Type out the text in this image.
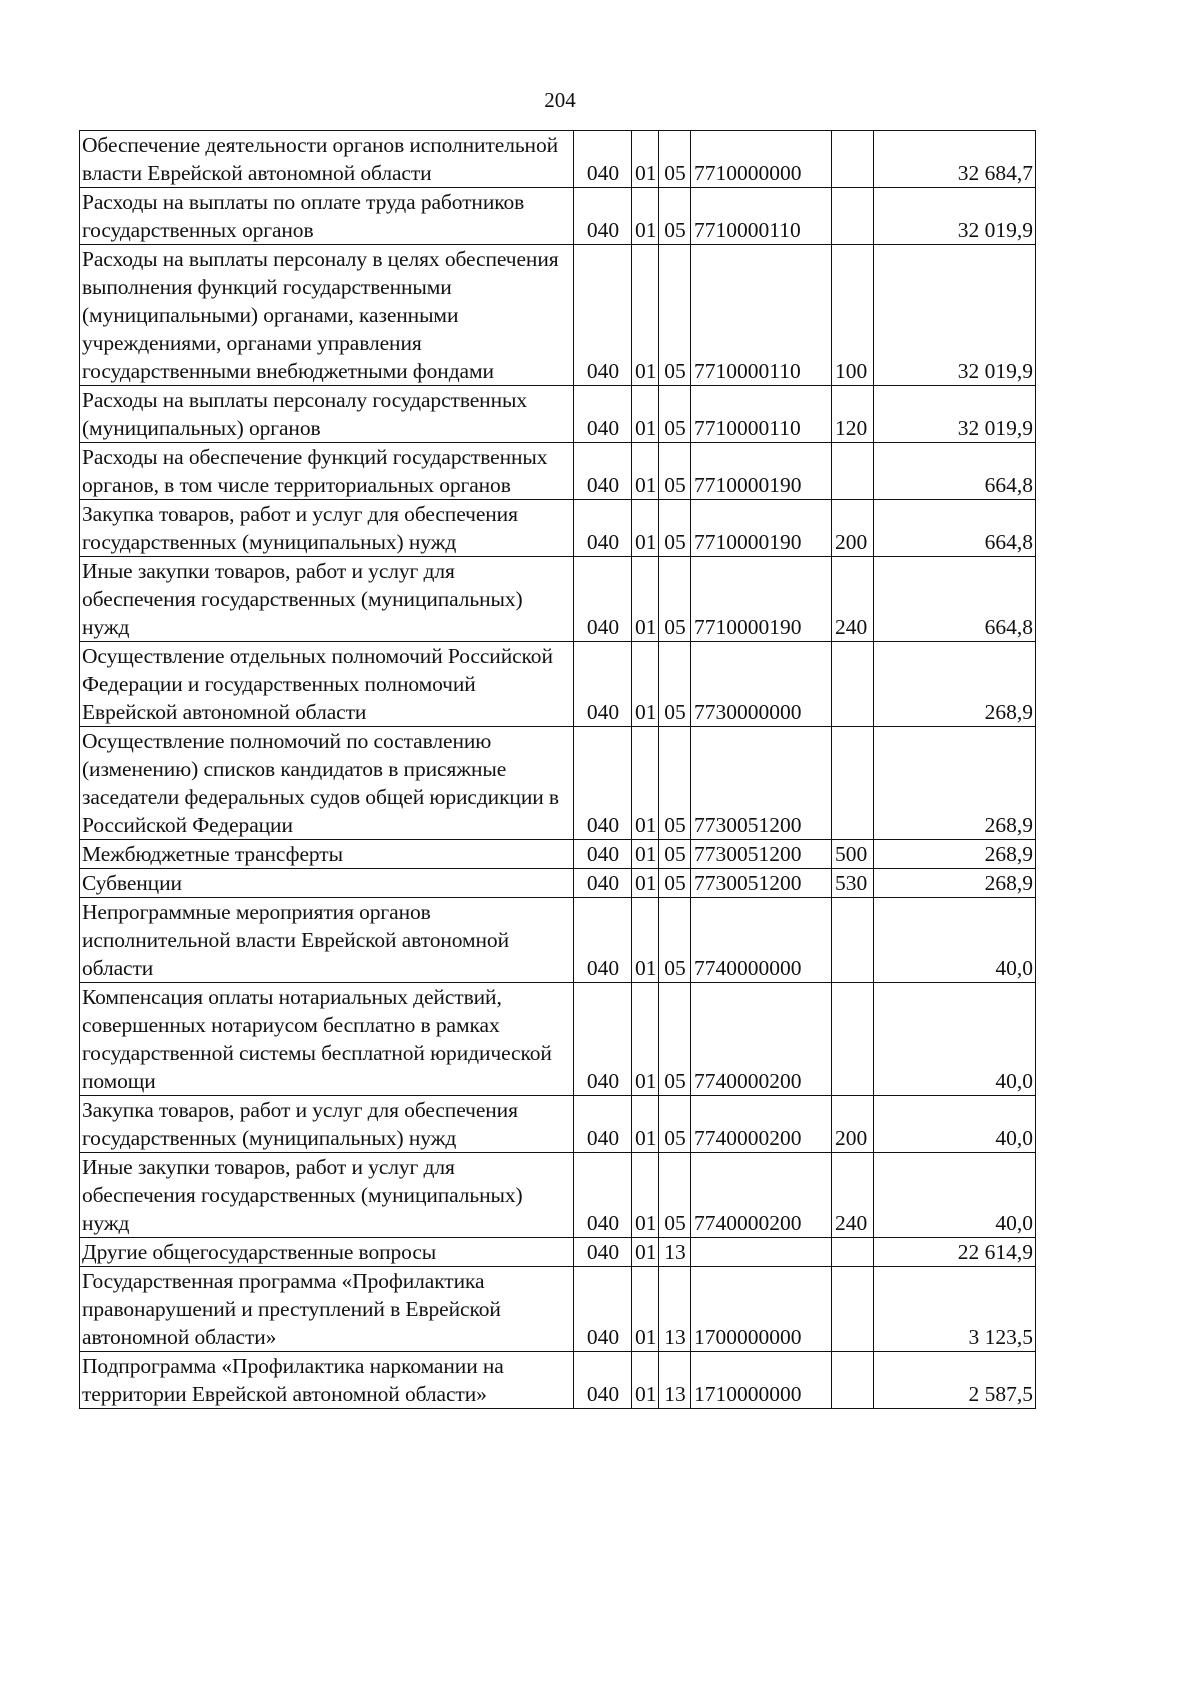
204
Обеспечение деятельности органов исполнительной власти Еврейской автономной области	040	01	05	7710000000		32 684,7
Расходы на выплаты по оплате труда работников государственных органов	040	01	05	7710000110		32 019,9
Расходы на выплаты персоналу в целях обеспечения выполнения функций государственными (муниципальными) органами, казенными учреждениями, органами управления государственными внебюджетными фондами	040	01	05	7710000110	100	32 019,9
Расходы на выплаты персоналу государственных (муниципальных) органов	040	01	05	7710000110	120	32 019,9
Расходы на обеспечение функций государственных органов, в том числе территориальных органов	040	01	05	7710000190		664,8
Закупка товаров, работ и услуг для обеспечения государственных (муниципальных) нужд	040	01	05	7710000190	200	664,8
Иные закупки товаров, работ и услуг для обеспечения государственных (муниципальных) нужд	040	01	05	7710000190	240	664,8
Осуществление отдельных полномочий Российской Федерации и государственных полномочий Еврейской автономной области	040	01	05	7730000000		268,9
Осуществление полномочий по составлению (изменению) списков кандидатов в присяжные заседатели федеральных судов общей юрисдикции в Российской Федерации	040	01	05	7730051200		268,9
Межбюджетные трансферты	040	01	05	7730051200	500	268,9
Субвенции	040	01	05	7730051200	530	268,9
Непрограммные мероприятия органов исполнительной власти Еврейской автономной области	040	01	05	7740000000		40,0
Компенсация оплаты нотариальных действий, совершенных нотариусом бесплатно в рамках государственной системы бесплатной юридической помощи	040	01	05	7740000200		40,0
Закупка товаров, работ и услуг для обеспечения государственных (муниципальных) нужд	040	01	05	7740000200	200	40,0
Иные закупки товаров, работ и услуг для обеспечения государственных (муниципальных) нужд	040	01	05	7740000200	240	40,0
Другие общегосударственные вопросы	040	01	13			22 614,9
Государственная программа «Профилактика правонарушений и преступлений в Еврейской автономной области»	040	01	13	1700000000		3 123,5
Подпрограмма «Профилактика наркомании на территории Еврейской автономной области»	040	01	13	1710000000		2 587,5
